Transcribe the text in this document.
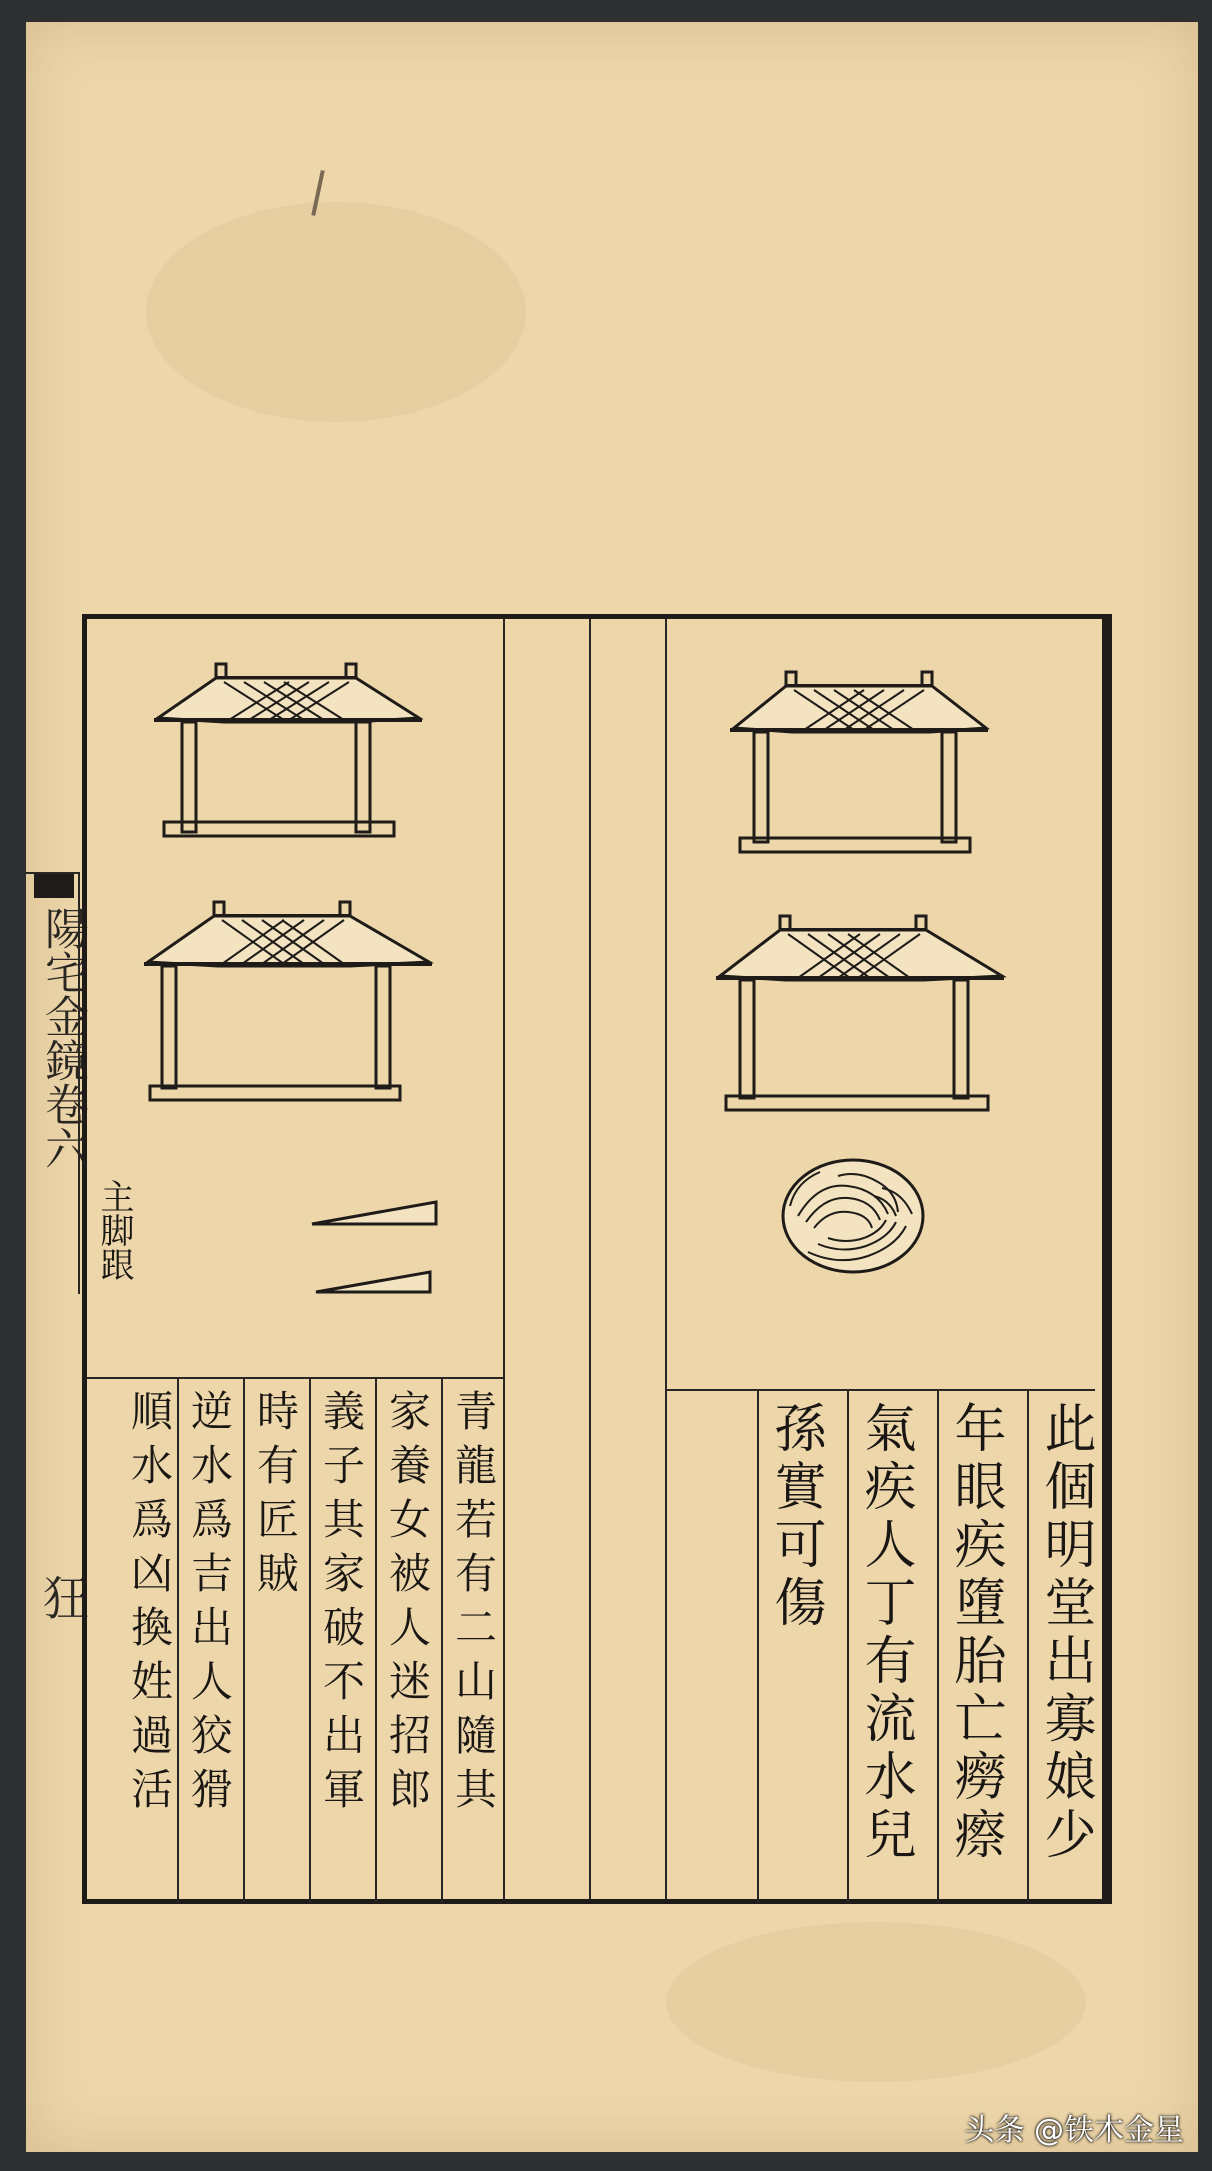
陽宅金鏡卷六
狂	此個明堂出寡娘少
年眼疾墮胎亡癆瘵
氣疾人丁有流水兒
孫實可傷
青龍若有二山隨其
家養女被人迷招郎
義子其家破不出軍
時有匠賊
逆水爲吉出人狡猾
順水爲凶換姓過活
主脚跟
头条 @铁木金星
